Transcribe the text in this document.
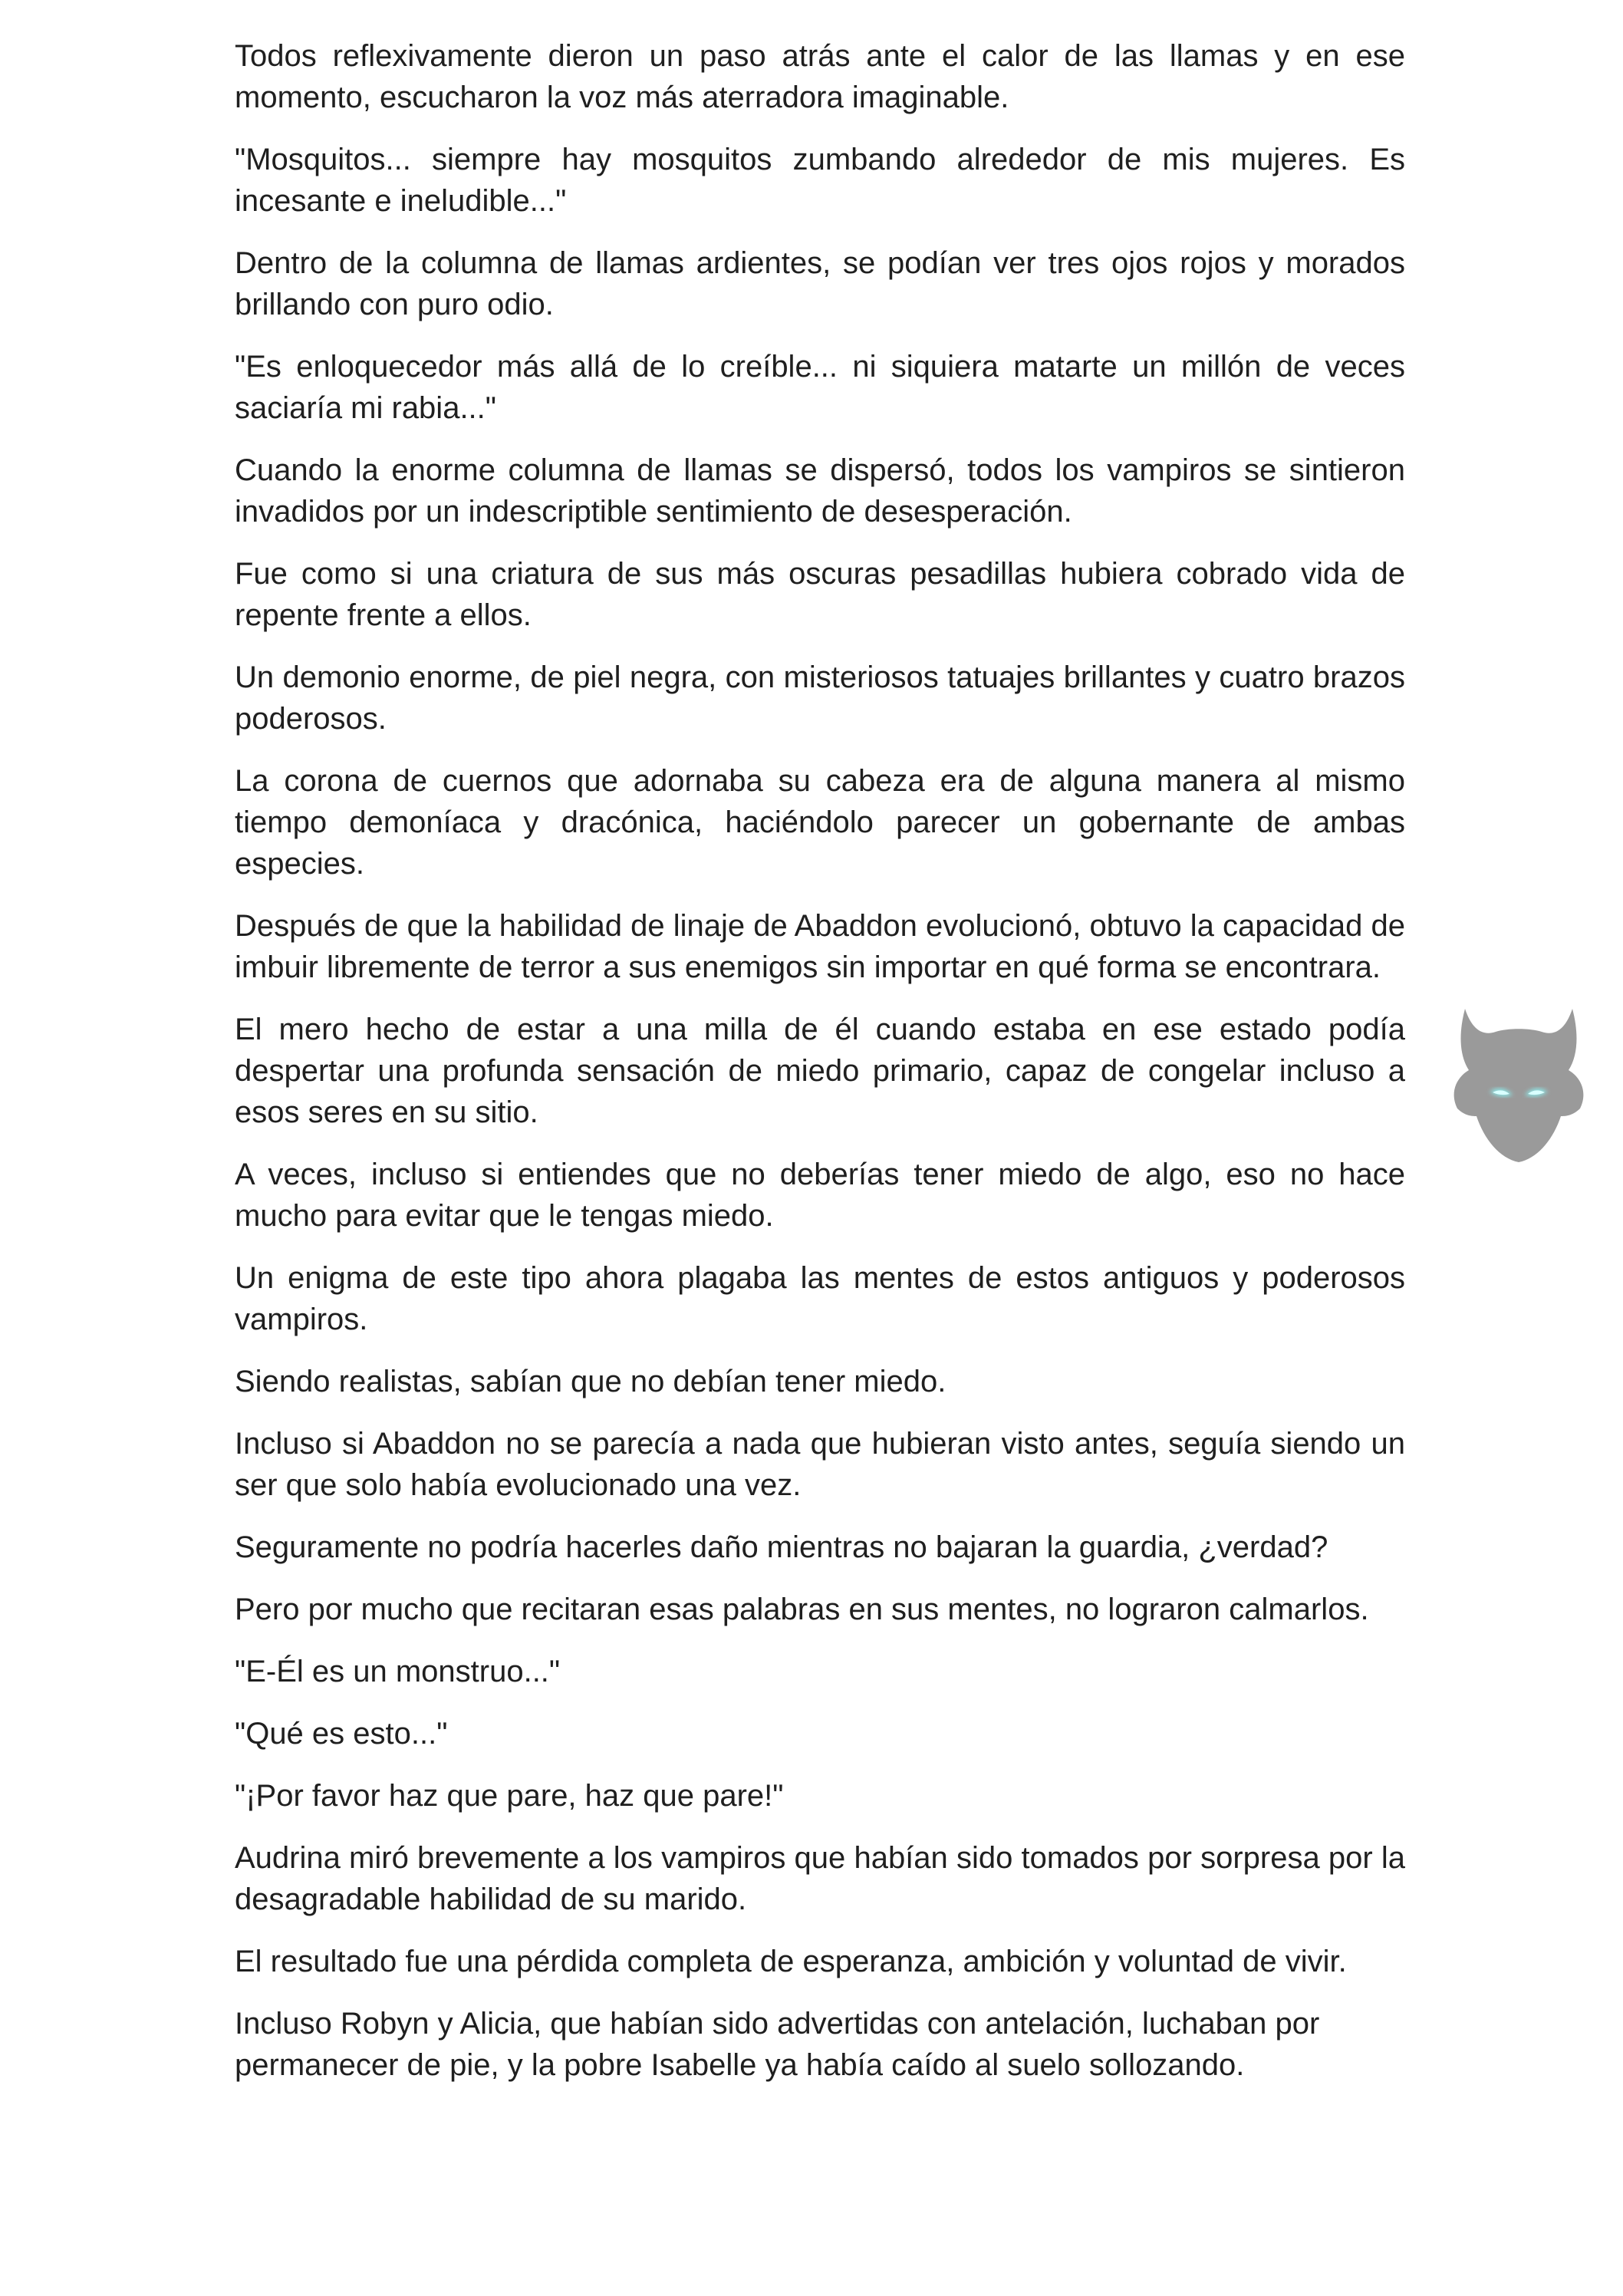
Todos reflexivamente dieron un paso atrás ante el calor de las llamas y en ese momento, escucharon la voz más aterradora imaginable.

"Mosquitos... siempre hay mosquitos zumbando alrededor de mis mujeres. Es incesante e ineludible..."

Dentro de la columna de llamas ardientes, se podían ver tres ojos rojos y morados brillando con puro odio.

"Es enloquecedor más allá de lo creíble... ni siquiera matarte un millón de veces saciaría mi rabia..."

Cuando la enorme columna de llamas se dispersó, todos los vampiros se sintieron invadidos por un indescriptible sentimiento de desesperación.

Fue como si una criatura de sus más oscuras pesadillas hubiera cobrado vida de repente frente a ellos.

Un demonio enorme, de piel negra, con misteriosos tatuajes brillantes y cuatro brazos poderosos.

La corona de cuernos que adornaba su cabeza era de alguna manera al mismo tiempo demoníaca y dracónica, haciéndolo parecer un gobernante de ambas especies.

Después de que la habilidad de linaje de Abaddon evolucionó, obtuvo la capacidad de imbuir libremente de terror a sus enemigos sin importar en qué forma se encontrara.

El mero hecho de estar a una milla de él cuando estaba en ese estado podía despertar una profunda sensación de miedo primario, capaz de congelar incluso a esos seres en su sitio.

A veces, incluso si entiendes que no deberías tener miedo de algo, eso no hace mucho para evitar que le tengas miedo.

Un enigma de este tipo ahora plagaba las mentes de estos antiguos y poderosos vampiros.

Siendo realistas, sabían que no debían tener miedo.

Incluso si Abaddon no se parecía a nada que hubieran visto antes, seguía siendo un ser que solo había evolucionado una vez.

Seguramente no podría hacerles daño mientras no bajaran la guardia, ¿verdad?

Pero por mucho que recitaran esas palabras en sus mentes, no lograron calmarlos.

"E-Él es un monstruo..."

"Qué es esto..."

"¡Por favor haz que pare, haz que pare!"

Audrina miró brevemente a los vampiros que habían sido tomados por sorpresa por la desagradable habilidad de su marido.

El resultado fue una pérdida completa de esperanza, ambición y voluntad de vivir.

Incluso Robyn y Alicia, que habían sido advertidas con antelación, luchaban por permanecer de pie, y la pobre Isabelle ya había caído al suelo sollozando.
